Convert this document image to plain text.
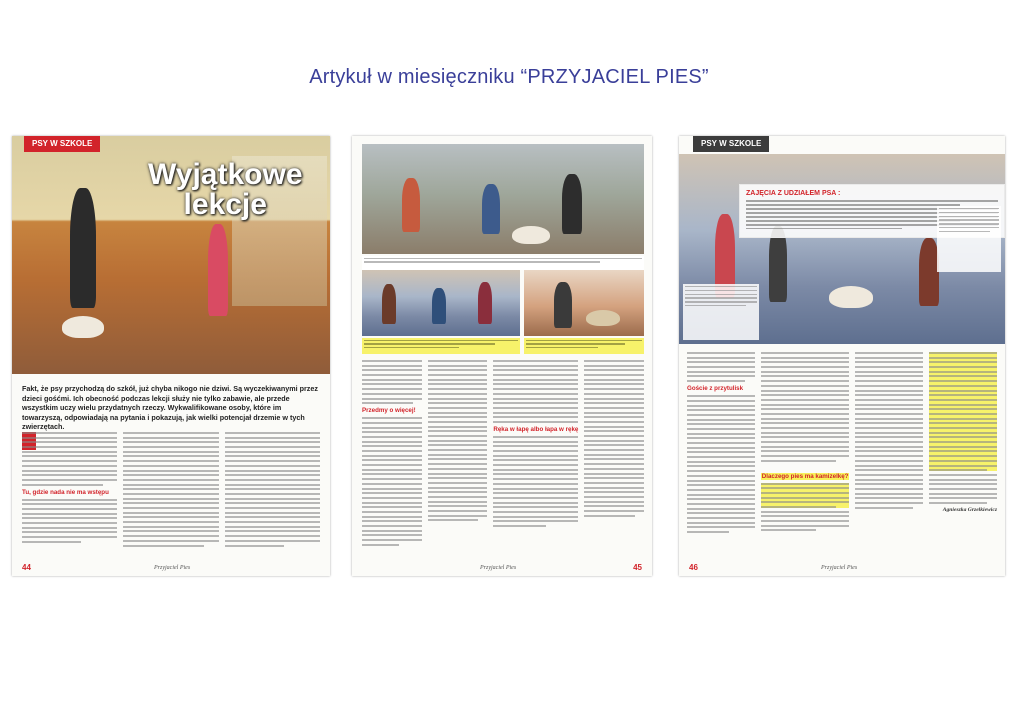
Artykuł w miesięczniku “PRZYJACIEL PIES”
PSY W SZKOLE
Wyjątkowe
lekcje
Fakt, że psy przychodzą do szkół, już chyba nikogo nie dziwi. Są wyczekiwanymi przez dzieci gośćmi. Ich obecność podczas lekcji służy nie tylko zabawie, ale przede wszystkim uczy wielu przydatnych rzeczy. Wykwalifikowane osoby, które im towarzyszą, odpowiadają na pytania i pokazują, jak wielki potencjał drzemie w tych zwierzętach.
Tu, gdzie nada nie ma wstępu
44	Przyjaciel Pies
Przedmy o więcej!
Ręka w łapę albo łapa w rękę
Przyjaciel Pies	45
PSY W SZKOLE
ZAJĘCIA Z UDZIAŁEM PSA :
Goście z przytulisk
Dlaczego pies ma kamizelkę?
Agnieszka Grzelkiewicz
46	Przyjaciel Pies
